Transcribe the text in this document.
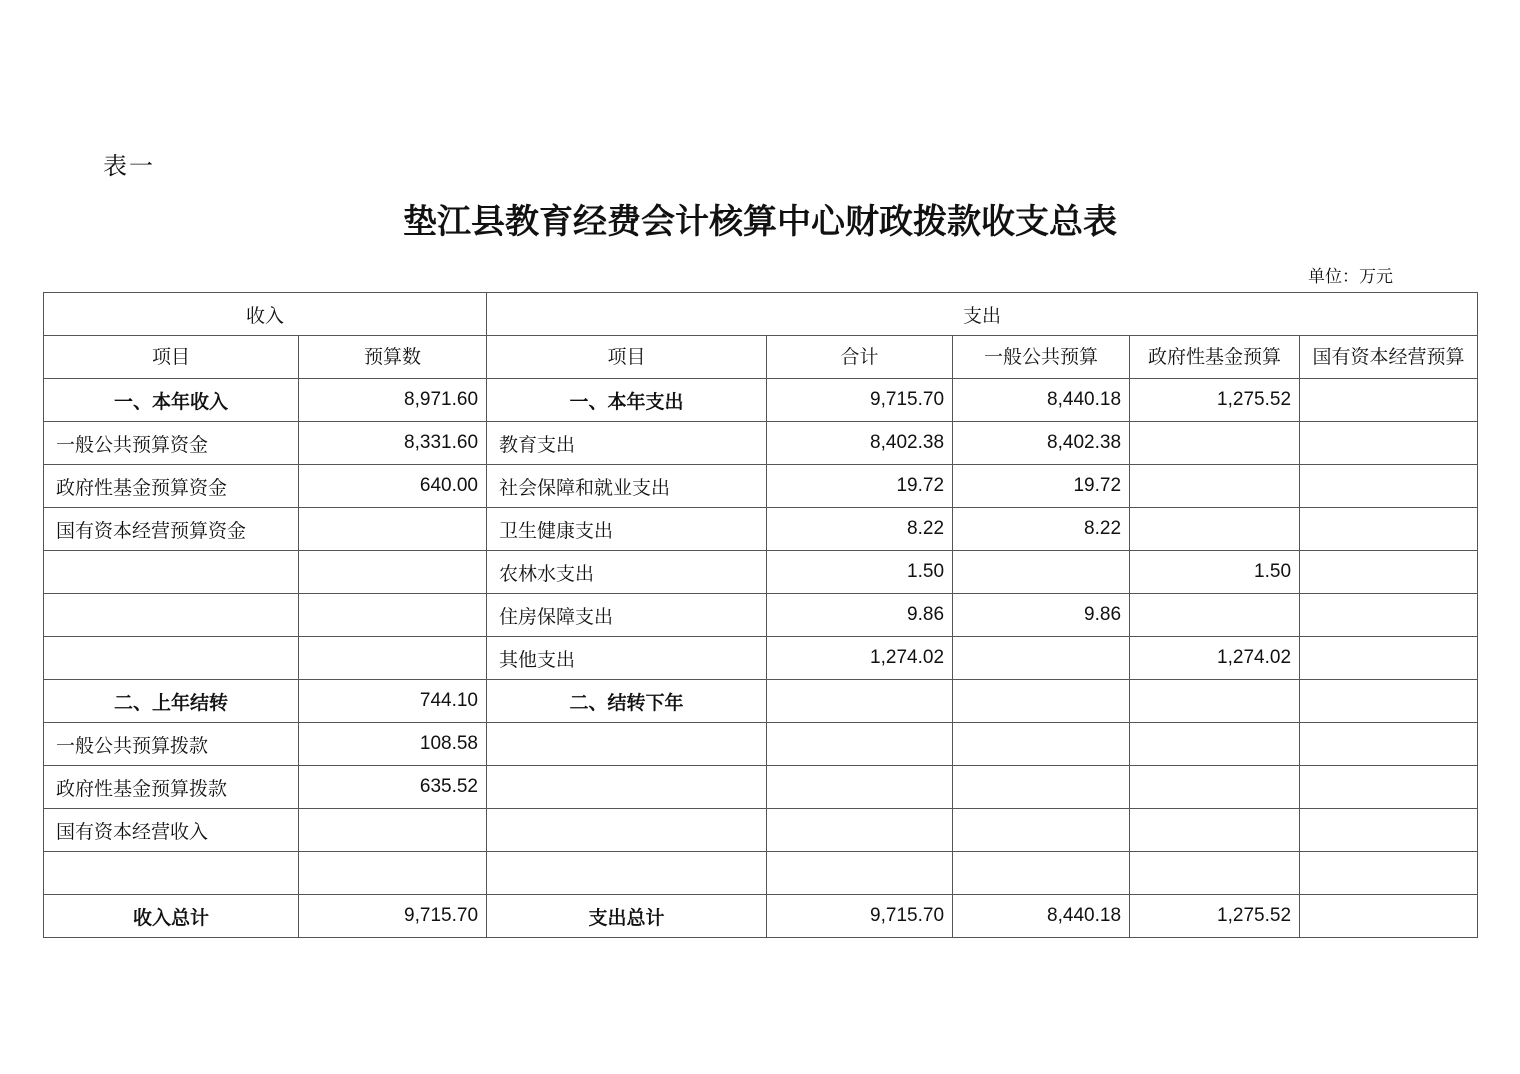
表一
垫江县教育经费会计核算中心财政拨款收支总表
单位：万元
收入		支出				
项目	预算数	项目	合计	一般公共预算	政府性基金预算	国有资本经营预算
一、本年收入	8,971.60	一、本年支出	9,715.70	8,440.18	1,275.52	
一般公共预算资金	8,331.60	教育支出	8,402.38	8,402.38		
政府性基金预算资金	640.00	社会保障和就业支出	19.72	19.72		
国有资本经营预算资金		卫生健康支出	8.22	8.22		
		农林水支出	1.50		1.50	
		住房保障支出	9.86	9.86		
		其他支出	1,274.02		1,274.02	
二、上年结转	744.10	二、结转下年				
一般公共预算拨款	108.58					
政府性基金预算拨款	635.52					
国有资本经营收入						

收入总计	9,715.70	支出总计	9,715.70	8,440.18	1,275.52	
